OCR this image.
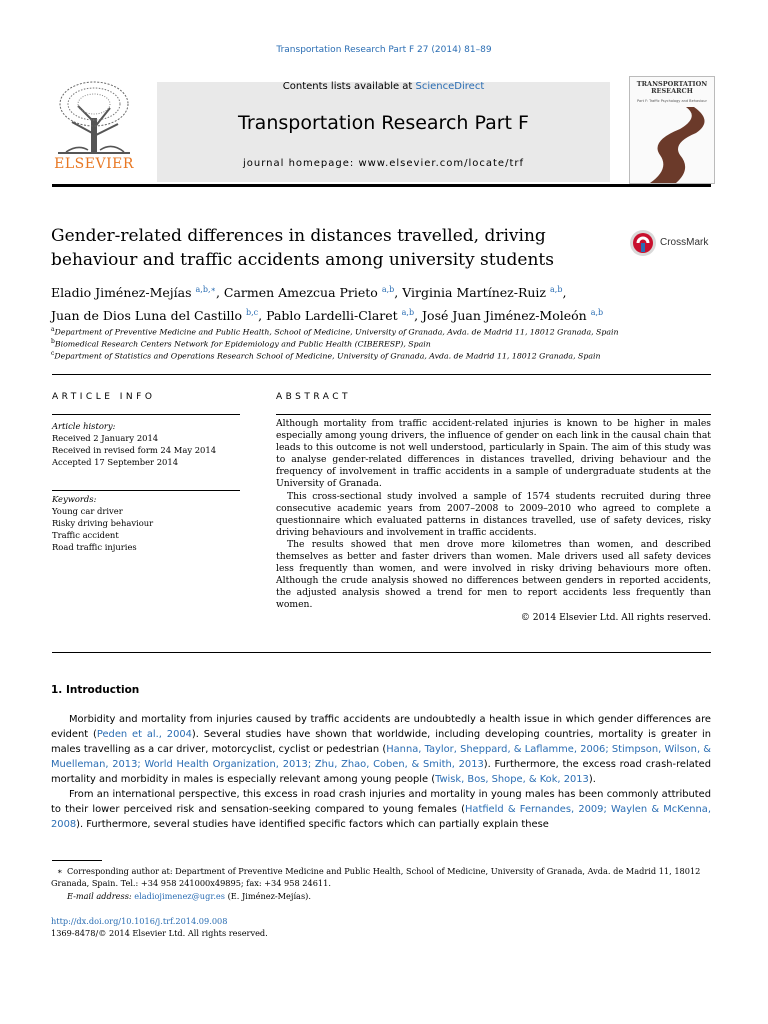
Transportation Research Part F 27 (2014) 81–89
ELSEVIER
Contents lists available at ScienceDirect
Transportation Research Part F
journal homepage: www.elsevier.com/locate/trf
TRANSPORTATION RESEARCH
Part F: Traffic Psychology and Behaviour
Gender-related differences in distances travelled, driving
behaviour and traffic accidents among university students
CrossMark
Eladio Jiménez-Mejías $^{a,b,∗}$, Carmen Amezcua Prieto $^{a,b}$, Virginia Martínez-Ruiz $^{a,b}$,
Juan de Dios Luna del Castillo $^{b,c}$, Pablo Lardelli-Claret $^{a,b}$, José Juan Jiménez-Moleón $^{a,b}$
$^a$Department of Preventive Medicine and Public Health, School of Medicine, University of Granada, Avda. de Madrid 11, 18012 Granada, Spain
$^b$Biomedical Research Centers Network for Epidemiology and Public Health (CIBERESP), Spain
$^c$Department of Statistics and Operations Research School of Medicine, University of Granada, Avda. de Madrid 11, 18012 Granada, Spain
ARTICLE INFO
Article history:
Received 2 January 2014
Received in revised form 24 May 2014
Accepted 17 September 2014
Keywords:
Young car driver
Risky driving behaviour
Traffic accident
Road traffic injuries
ABSTRACT

Although mortality from traffic accident-related injuries is known to be higher in males especially among young drivers, the influence of gender on each link in the causal chain that leads to this outcome is not well understood, particularly in Spain. The aim of this study was to analyse gender-related differences in distances travelled, driving behaviour and the frequency of involvement in traffic accidents in a sample of undergraduate students at the University of Granada.

This cross-sectional study involved a sample of 1574 students recruited during three consecutive academic years from 2007–2008 to 2009–2010 who agreed to complete a questionnaire which evaluated patterns in distances travelled, use of safety devices, risky driving behaviours and involvement in traffic accidents.

The results showed that men drove more kilometres than women, and described themselves as better and faster drivers than women. Male drivers used all safety devices less frequently than women, and were involved in risky driving behaviours more often. Although the crude analysis showed no differences between genders in reported accidents, the adjusted analysis showed a trend for men to report accidents less frequently than women.

© 2014 Elsevier Ltd. All rights reserved.
1. Introduction

Morbidity and mortality from injuries caused by traffic accidents are undoubtedly a health issue in which gender differences are evident (Peden et al., 2004). Several studies have shown that worldwide, including developing countries, mortality is greater in males travelling as a car driver, motorcyclist, cyclist or pedestrian (Hanna, Taylor, Sheppard, & Laflamme, 2006; Stimpson, Wilson, & Muelleman, 2013; World Health Organization, 2013; Zhu, Zhao, Coben, & Smith, 2013). Furthermore, the excess road crash-related mortality and morbidity in males is especially relevant among young people (Twisk, Bos, Shope, & Kok, 2013).

From an international perspective, this excess in road crash injuries and mortality in young males has been commonly attributed to their lower perceived risk and sensation-seeking compared to young females (Hatfield & Fernandes, 2009; Waylen & McKenna, 2008). Furthermore, several studies have identified specific factors which can partially explain these

∗ Corresponding author at: Department of Preventive Medicine and Public Health, School of Medicine, University of Granada, Avda. de Madrid 11, 18012 Granada, Spain. Tel.: +34 958 241000x49895; fax: +34 958 24611.
E-mail address: eladiojimenez@ugr.es (E. Jiménez-Mejías).
http://dx.doi.org/10.1016/j.trf.2014.09.008
1369-8478/© 2014 Elsevier Ltd. All rights reserved.
